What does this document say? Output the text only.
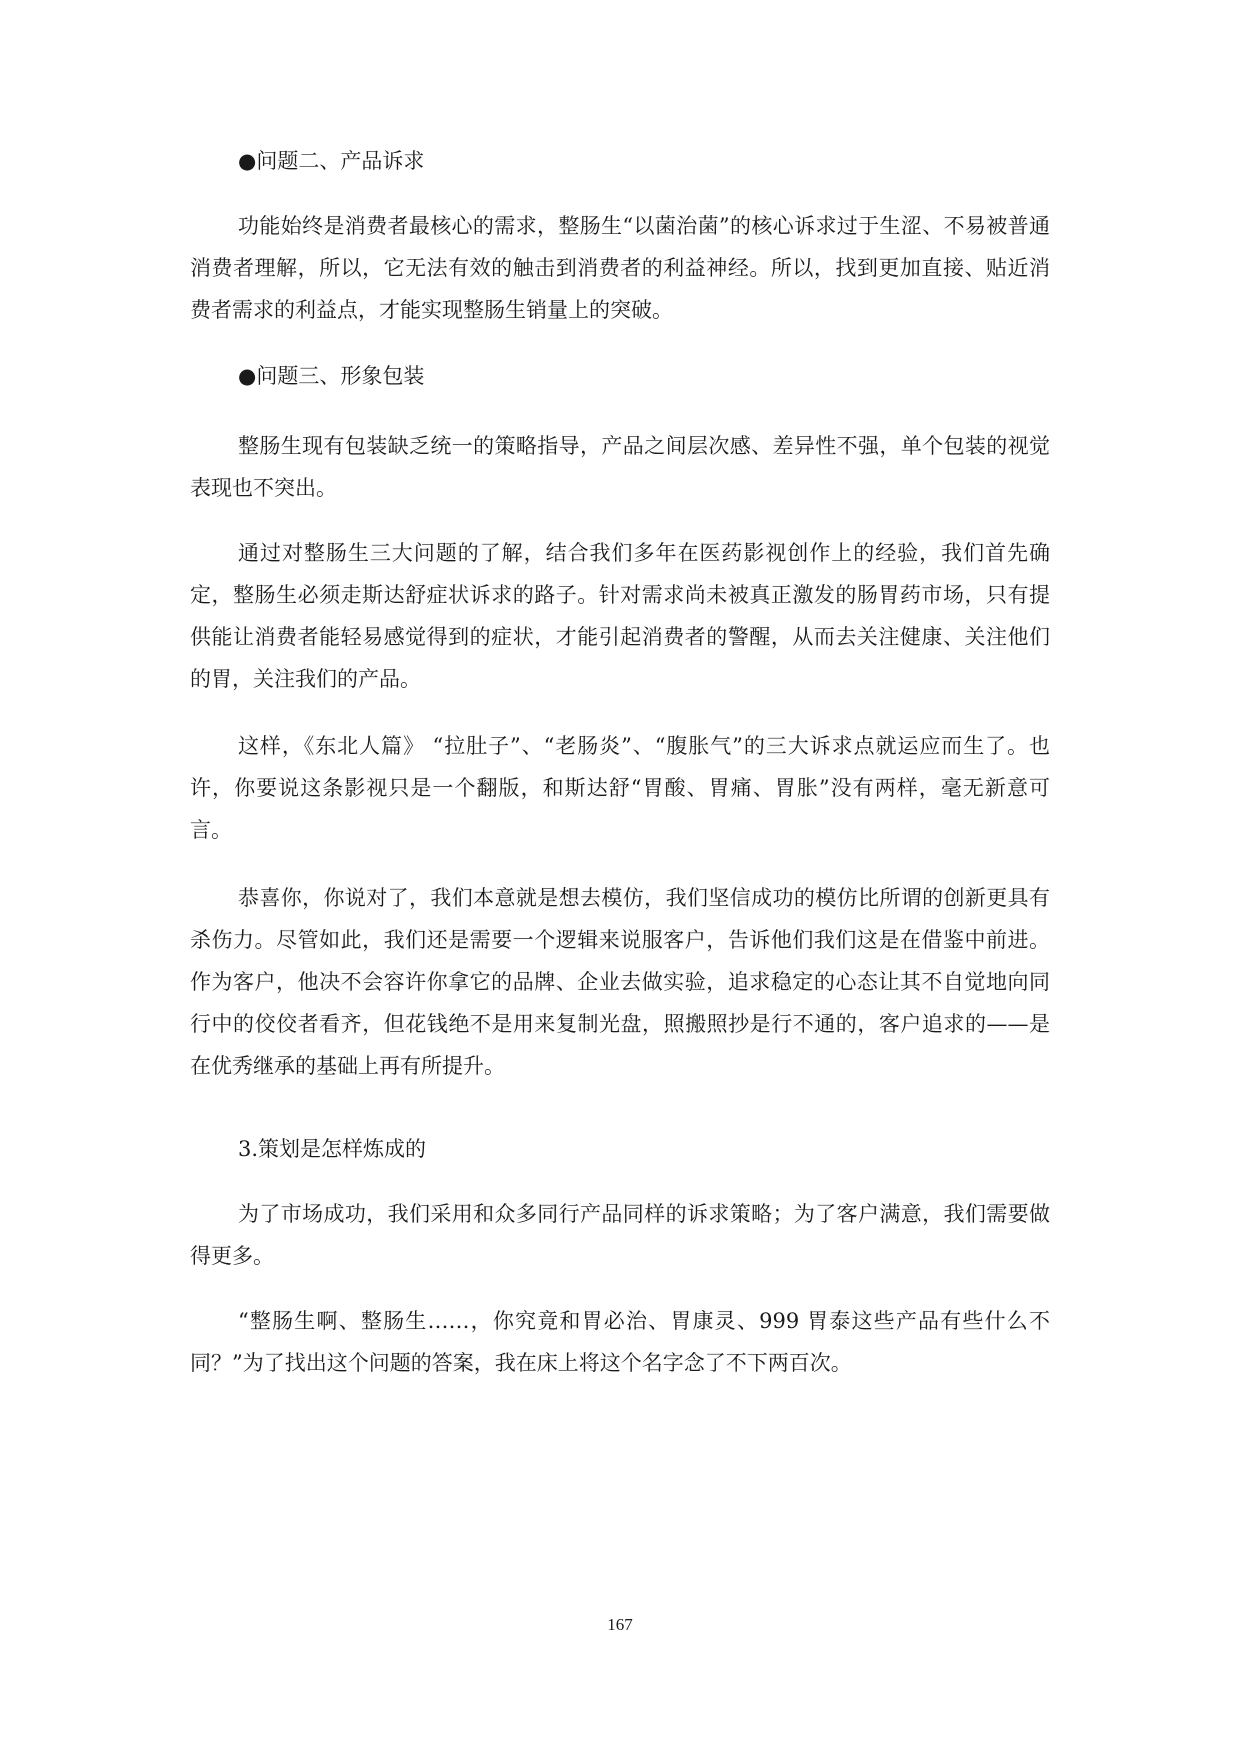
●问题二、产品诉求

功能始终是消费者最核心的需求，整肠生“以菌治菌”的核心诉求过于生涩、不易被普通消费者理解，所以，它无法有效的触击到消费者的利益神经。所以，找到更加直接、贴近消费者需求的利益点，才能实现整肠生销量上的突破。

●问题三、形象包装

整肠生现有包装缺乏统一的策略指导，产品之间层次感、差异性不强，单个包装的视觉表现也不突出。

通过对整肠生三大问题的了解，结合我们多年在医药影视创作上的经验，我们首先确定，整肠生必须走斯达舒症状诉求的路子。针对需求尚未被真正激发的肠胃药市场，只有提供能让消费者能轻易感觉得到的症状，才能引起消费者的警醒，从而去关注健康、关注他们的胃，关注我们的产品。

这样，《东北人篇》 “拉肚子”、“老肠炎”、“腹胀气”的三大诉求点就运应而生了。也许，你要说这条影视只是一个翻版，和斯达舒“胃酸、胃痛、胃胀”没有两样，毫无新意可言。

恭喜你，你说对了，我们本意就是想去模仿，我们坚信成功的模仿比所谓的创新更具有杀伤力。尽管如此，我们还是需要一个逻辑来说服客户，告诉他们我们这是在借鉴中前进。作为客户，他决不会容许你拿它的品牌、企业去做实验，追求稳定的心态让其不自觉地向同行中的佼佼者看齐，但花钱绝不是用来复制光盘，照搬照抄是行不通的，客户追求的——是在优秀继承的基础上再有所提升。

3.策划是怎样炼成的

为了市场成功，我们采用和众多同行产品同样的诉求策略；为了客户满意，我们需要做得更多。

“整肠生啊、整肠生……，你究竟和胃必治、胃康灵、999 胃泰这些产品有些什么不同？”为了找出这个问题的答案，我在床上将这个名字念了不下两百次。

167
